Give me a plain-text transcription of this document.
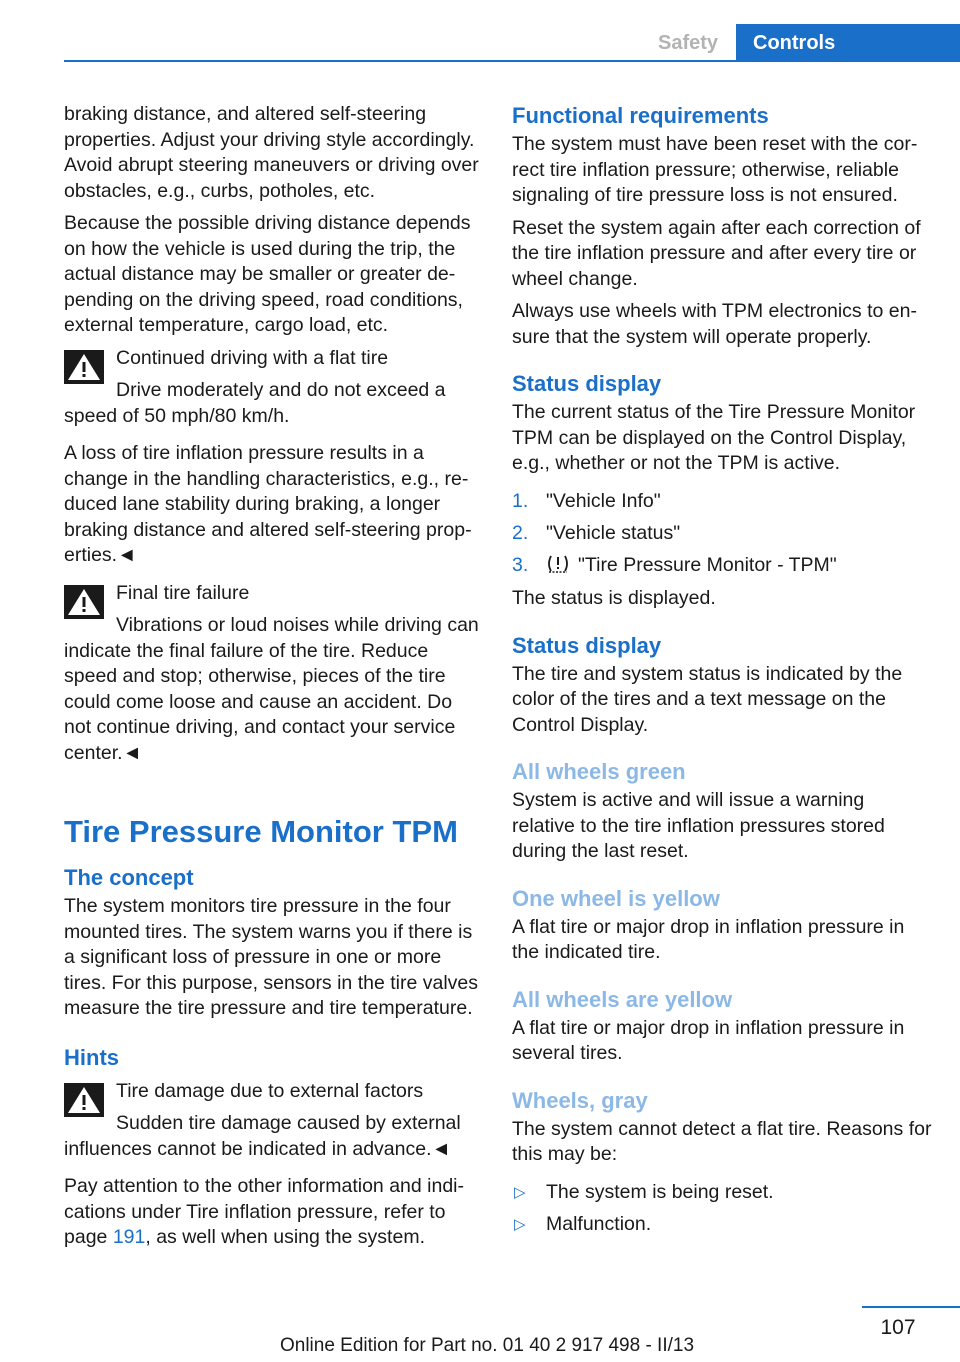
Safety	Controls

braking distance, and altered self-steering properties. Adjust your driving style accordingly. Avoid abrupt steering maneuvers or driving over obstacles, e.g., curbs, potholes, etc.

Because the possible driving distance depends on how the vehicle is used during the trip, the actual distance may be smaller or greater depending on the driving speed, road conditions, external temperature, cargo load, etc.

Continued driving with a flat tire

Drive moderately and do not exceed a speed of 50 mph/80 km/h.

A loss of tire inflation pressure results in a change in the handling characteristics, e.g., reduced lane stability during braking, a longer braking distance and altered self-steering properties.◄

Final tire failure

Vibrations or loud noises while driving can indicate the final failure of the tire. Reduce speed and stop; otherwise, pieces of the tire could come loose and cause an accident. Do not continue driving, and contact your service center.◄

Tire Pressure Monitor TPM
The concept

The system monitors tire pressure in the four mounted tires. The system warns you if there is a significant loss of pressure in one or more tires. For this purpose, sensors in the tire valves measure the tire pressure and tire temperature.

Hints

Tire damage due to external factors

Sudden tire damage caused by external influences cannot be indicated in advance.◄

Pay attention to the other information and indications under Tire inflation pressure, refer to page 191, as well when using the system.

Functional requirements

The system must have been reset with the correct tire inflation pressure; otherwise, reliable signaling of tire pressure loss is not ensured.

Reset the system again after each correction of the tire inflation pressure and after every tire or wheel change.

Always use wheels with TPM electronics to ensure that the system will operate properly.

Status display

The current status of the Tire Pressure Monitor TPM can be displayed on the Control Display, e.g., whether or not the TPM is active.

1. "Vehicle Info"
2. "Vehicle status"
3.	"Tire Pressure Monitor - TPM"

The status is displayed.

Status display

The tire and system status is indicated by the color of the tires and a text message on the Control Display.

All wheels green

System is active and will issue a warning relative to the tire inflation pressures stored during the last reset.

One wheel is yellow

A flat tire or major drop in inflation pressure in the indicated tire.

All wheels are yellow

A flat tire or major drop in inflation pressure in several tires.

Wheels, gray

The system cannot detect a flat tire. Reasons for this may be:

▷ The system is being reset.
▷ Malfunction.
107
Online Edition for Part no. 01 40 2 917 498 - II/13
